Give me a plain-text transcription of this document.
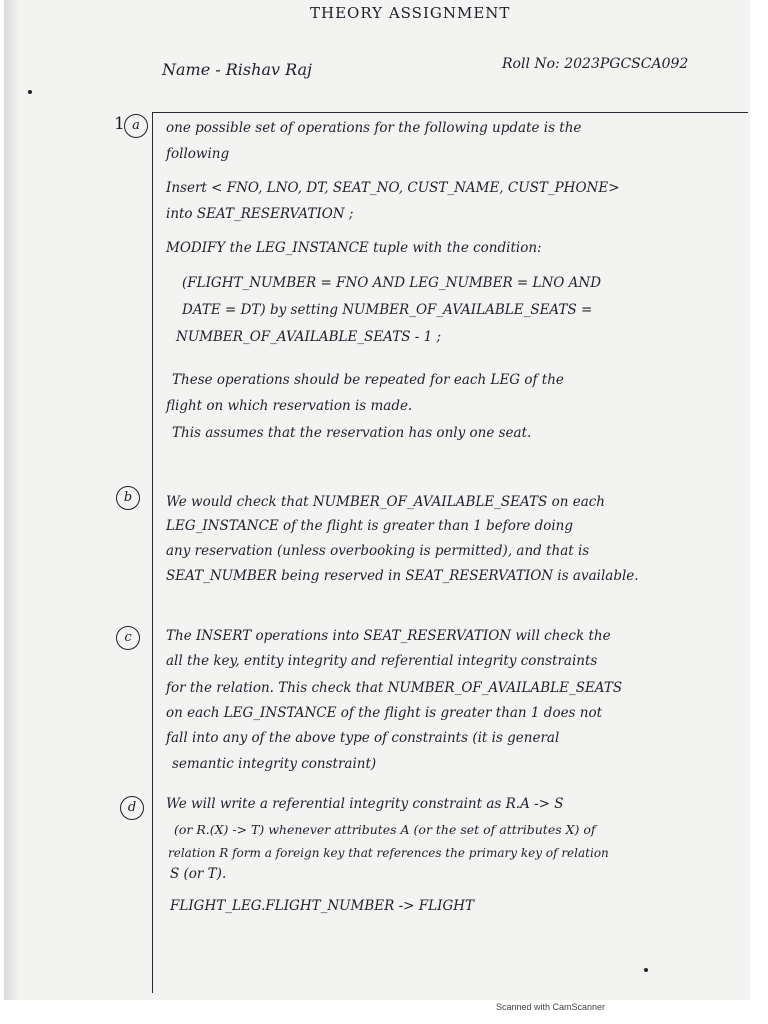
THEORY ASSIGNMENT
Name - Rishav Raj	Roll No: 2023PGCSCA092
1 a	one possible set of operations for the following update is the
following
Insert < FNO, LNO, DT, SEAT_NO, CUST_NAME, CUST_PHONE>
into SEAT_RESERVATION ;
MODIFY the LEG_INSTANCE tuple with the condition:
(FLIGHT_NUMBER = FNO AND LEG_NUMBER = LNO AND
DATE = DT) by setting NUMBER_OF_AVAILABLE_SEATS =
NUMBER_OF_AVAILABLE_SEATS - 1 ;
These operations should be repeated for each LEG of the
flight on which reservation is made.
This assumes that the reservation has only one seat.
b	We would check that NUMBER_OF_AVAILABLE_SEATS on each
LEG_INSTANCE of the flight is greater than 1 before doing
any reservation (unless overbooking is permitted), and that is
SEAT_NUMBER being reserved in SEAT_RESERVATION is available.
c	The INSERT operations into SEAT_RESERVATION will check the
all the key, entity integrity and referential integrity constraints
for the relation. This check that NUMBER_OF_AVAILABLE_SEATS
on each LEG_INSTANCE of the flight is greater than 1 does not
fall into any of the above type of constraints (it is general
semantic integrity constraint)
d	We will write a referential integrity constraint as R.A -> S
(or R.(X) -> T) whenever attributes A (or the set of attributes X) of
relation R form a foreign key that references the primary key of relation
S (or T).
FLIGHT_LEG.FLIGHT_NUMBER -> FLIGHT
Scanned with CamScanner
